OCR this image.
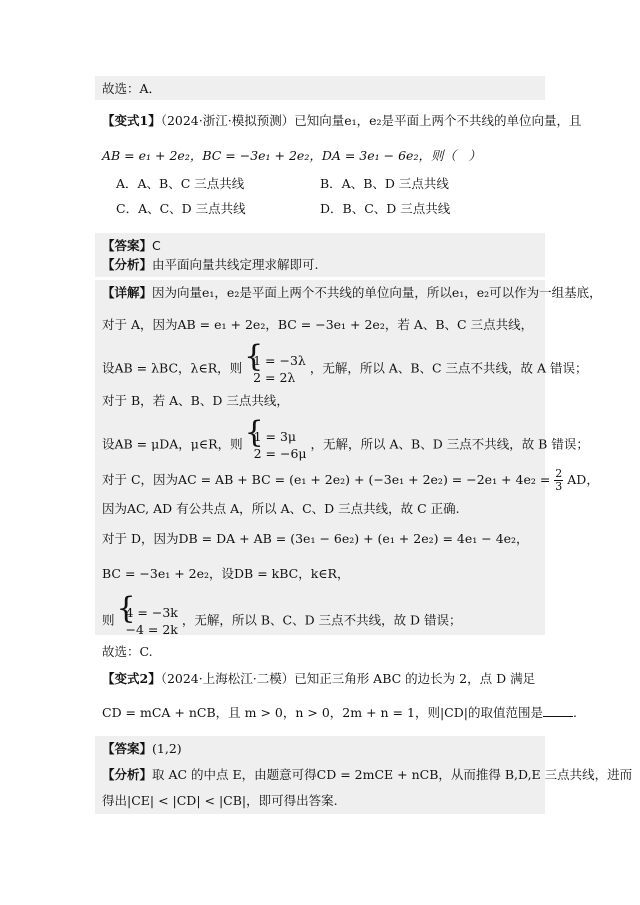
故选：A．
【变式1】（2024·浙江·模拟预测）已知向量e₁，e₂是平面上两个不共线的单位向量，且
AB = e₁ + 2e₂，BC = −3e₁ + 2e₂，DA = 3e₁ − 6e₂，则（　）
A．A、B、C 三点共线	B．A、B、D 三点共线
C．A、C、D 三点共线	D．B、C、D 三点共线
【答案】C
【分析】由平面向量共线定理求解即可.
【详解】因为向量e₁，e₂是平面上两个不共线的单位向量，所以e₁，e₂可以作为一组基底，
对于 A，因为AB = e₁ + 2e₂，BC = −3e₁ + 2e₂，若 A、B、C 三点共线，
设AB = λBC，λ∈R，则 { 1 = −3λ
2 = 2λ
，无解，所以 A、B、C 三点不共线，故 A 错误；
对于 B，若 A、B、D 三点共线，
设AB = μDA，μ∈R，则 { 1 = 3μ
2 = −6μ
，无解，所以 A、B、D 三点不共线，故 B 错误；
对于 C，因为AC = AB + BC = $(e_1 + 2e_2) + (-3e_1 + 2e_2) = -2e_1 + 4e_2 = \frac{2}{3}$ AD，
因为AC, AD 有公共点 A，所以 A、C、D 三点共线，故 C 正确.
对于 D，因为DB = DA + AB = (3e₁ − 6e₂) + (e₁ + 2e₂) = 4e₁ − 4e₂，
BC = −3e₁ + 2e₂，设DB = kBC，k∈R，
则 { 4 = −3k
−4 = 2k
，无解，所以 B、C、D 三点不共线，故 D 错误；
故选：C.
【变式2】（2024·上海松江·二模）已知正三角形 ABC 的边长为 2，点 D 满足
CD = mCA + nCB，且 m > 0，n > 0，2m + n = 1，则|CD|的取值范围是 .
【答案】(1,2)
【分析】取 AC 的中点 E，由题意可得CD = 2mCE + nCB，从而推得 B,D,E 三点共线，进而
得出|CE| < |CD| < |CB|，即可得出答案.
